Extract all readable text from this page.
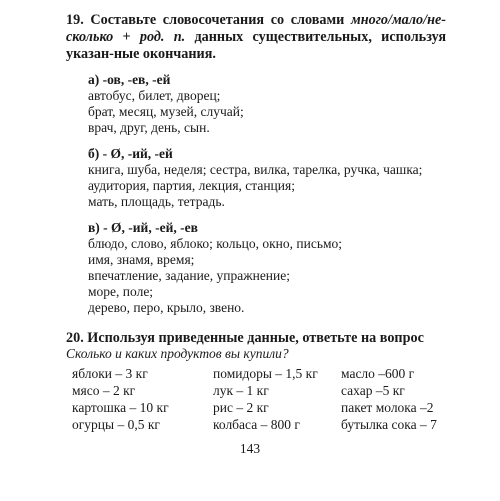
19. Составьте словосочетания со словами много/мало/не-сколько + род. п. данных существительных, используя указан-ные окончания.
а) -ов, -ев, -ей
автобус, билет, дворец;
брат, месяц, музей, случай;
врач, друг, день, сын.
б) - Ø, -ий, -ей
книга, шуба, неделя; сестра, вилка, тарелка, ручка, чашка;
аудитория, партия, лекция, станция;
мать, площадь, тетрадь.
в) - Ø, -ий, -ей, -ев
блюдо, слово, яблоко; кольцо, окно, письмо;
имя, знамя, время;
впечатление, задание, упражнение;
море, поле;
дерево, перо, крыло, звено.
20. Используя приведенные данные, ответьте на вопрос
Сколько и каких продуктов вы купили?
яблоки – 3 кг
мясо – 2 кг
картошка – 10 кг
огурцы – 0,5 кг
помидоры – 1,5 кг
лук – 1 кг
рис – 2 кг
колбаса – 800 г
масло –600 г
сахар –5 кг
пакет молока –2
бутылка сока – 7
143
